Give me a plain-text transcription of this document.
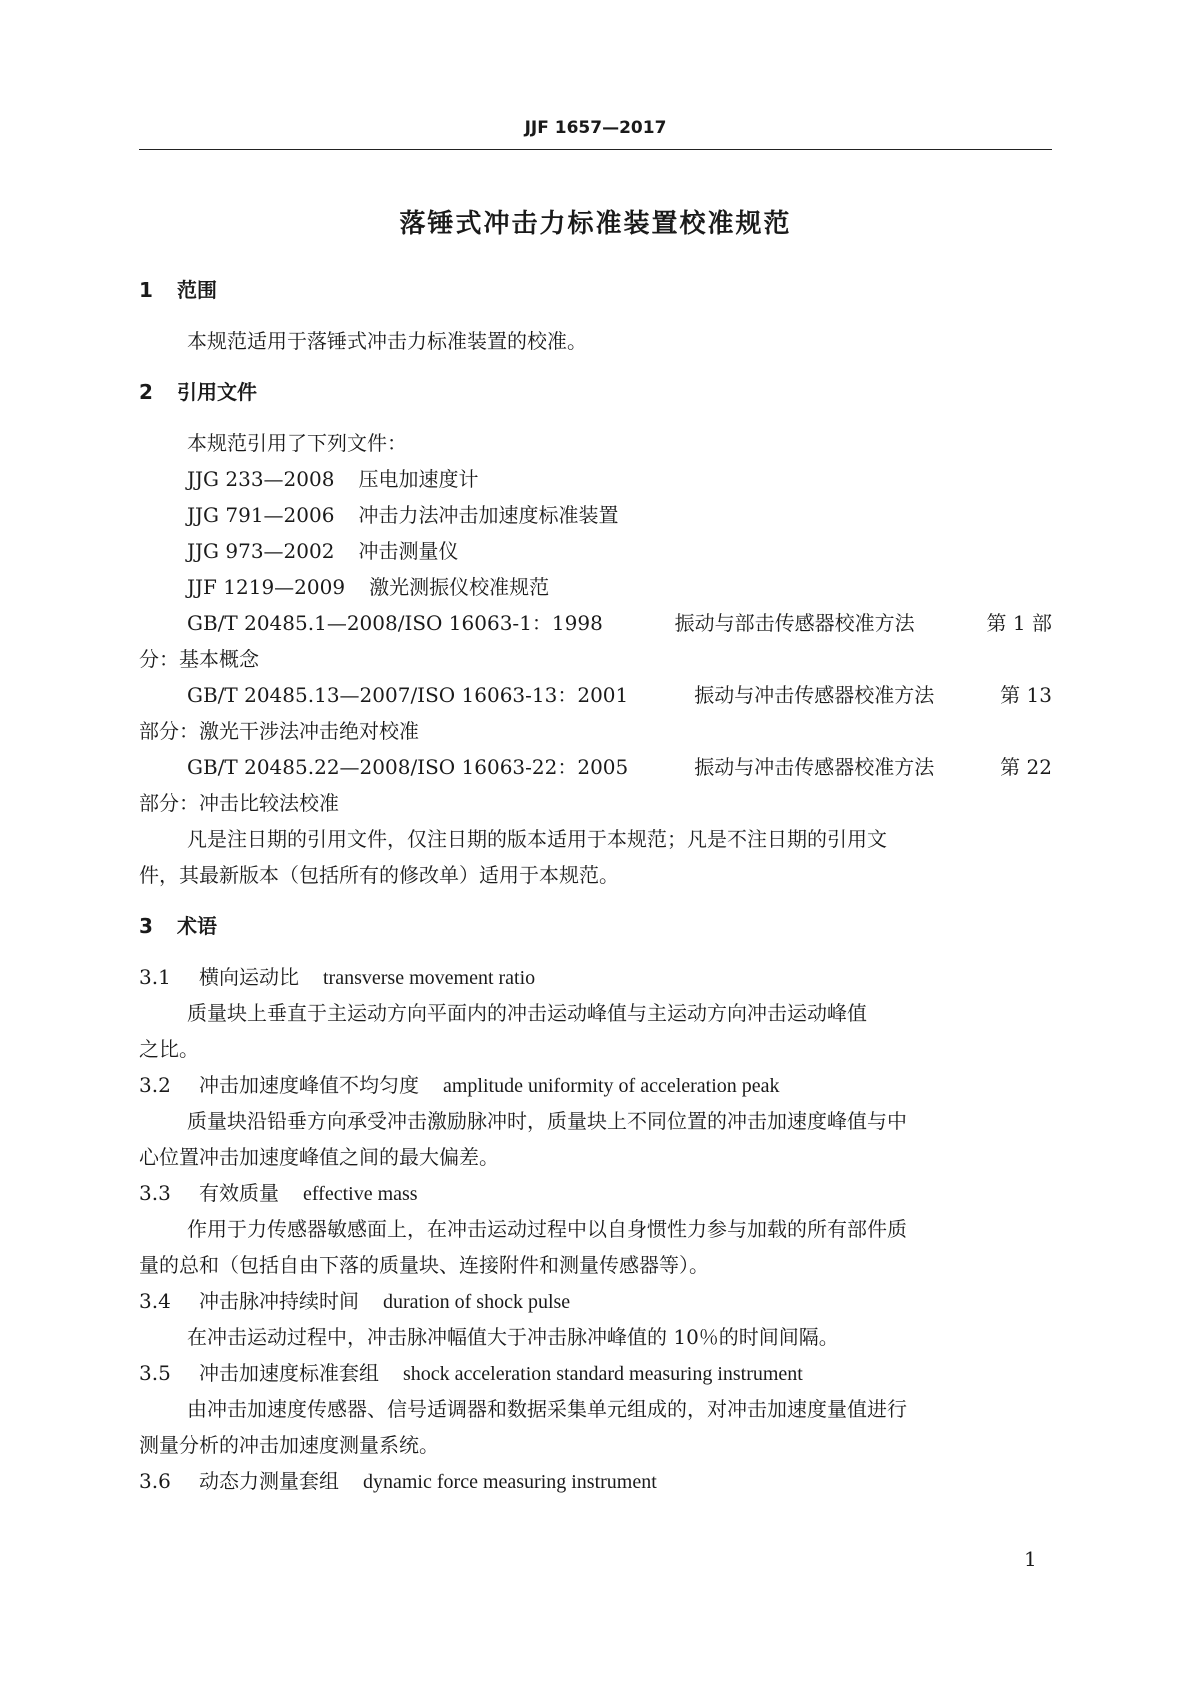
JJF 1657—2017
落锤式冲击力标准装置校准规范
1 范围
本规范适用于落锤式冲击力标准装置的校准。
2 引用文件
本规范引用了下列文件：
JJG 233—2008 压电加速度计
JJG 791—2006 冲击力法冲击加速度标准装置
JJG 973—2002 冲击测量仪
JJF 1219—2009 激光测振仪校准规范
GB/T 20485.1—2008/ISO 16063-1：1998	振动与部击传感器校准方法	第 1 部
分：基本概念
GB/T 20485.13—2007/ISO 16063-13：2001	振动与冲击传感器校准方法	第 13
部分：激光干涉法冲击绝对校准
GB/T 20485.22—2008/ISO 16063-22：2005	振动与冲击传感器校准方法	第 22
部分：冲击比较法校准
凡是注日期的引用文件，仅注日期的版本适用于本规范；凡是不注日期的引用文
件，其最新版本（包括所有的修改单）适用于本规范。
3 术语
3.1 横向运动比 transverse movement ratio
质量块上垂直于主运动方向平面内的冲击运动峰值与主运动方向冲击运动峰值
之比。
3.2 冲击加速度峰值不均匀度 amplitude uniformity of acceleration peak
质量块沿铅垂方向承受冲击激励脉冲时，质量块上不同位置的冲击加速度峰值与中
心位置冲击加速度峰值之间的最大偏差。
3.3 有效质量 effective mass
作用于力传感器敏感面上，在冲击运动过程中以自身惯性力参与加载的所有部件质
量的总和（包括自由下落的质量块、连接附件和测量传感器等）。
3.4 冲击脉冲持续时间 duration of shock pulse
在冲击运动过程中，冲击脉冲幅值大于冲击脉冲峰值的 10％的时间间隔。
3.5 冲击加速度标准套组 shock acceleration standard measuring instrument
由冲击加速度传感器、信号适调器和数据采集单元组成的，对冲击加速度量值进行
测量分析的冲击加速度测量系统。
3.6 动态力测量套组 dynamic force measuring instrument
1
